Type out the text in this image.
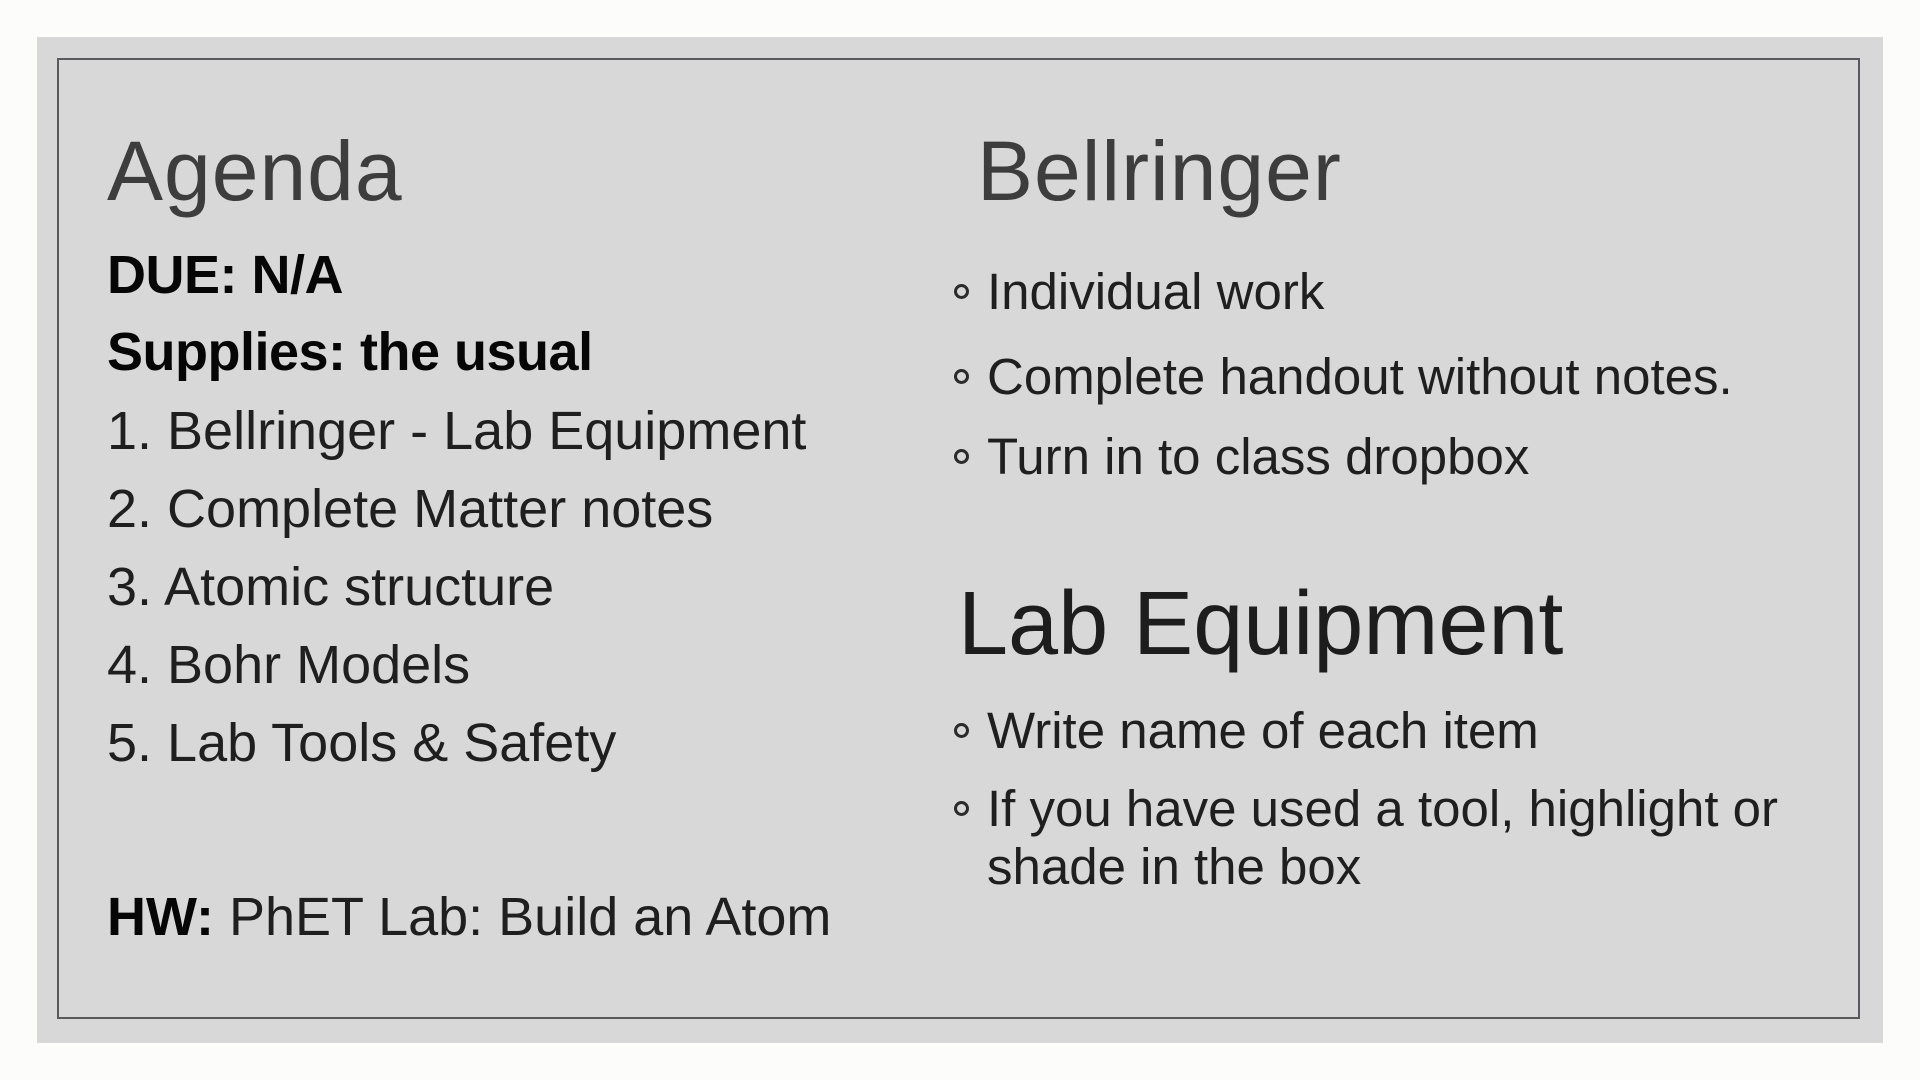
Agenda
DUE: N/A
Supplies: the usual
1. Bellringer - Lab Equipment
2. Complete Matter notes
3. Atomic structure
4. Bohr Models
5. Lab Tools & Safety
HW: PhET Lab: Build an Atom
Bellringer
Individual work
Complete handout without notes.
Turn in to class dropbox
Lab Equipment
Write name of each item
If you have used a tool, highlight or shade in the box
